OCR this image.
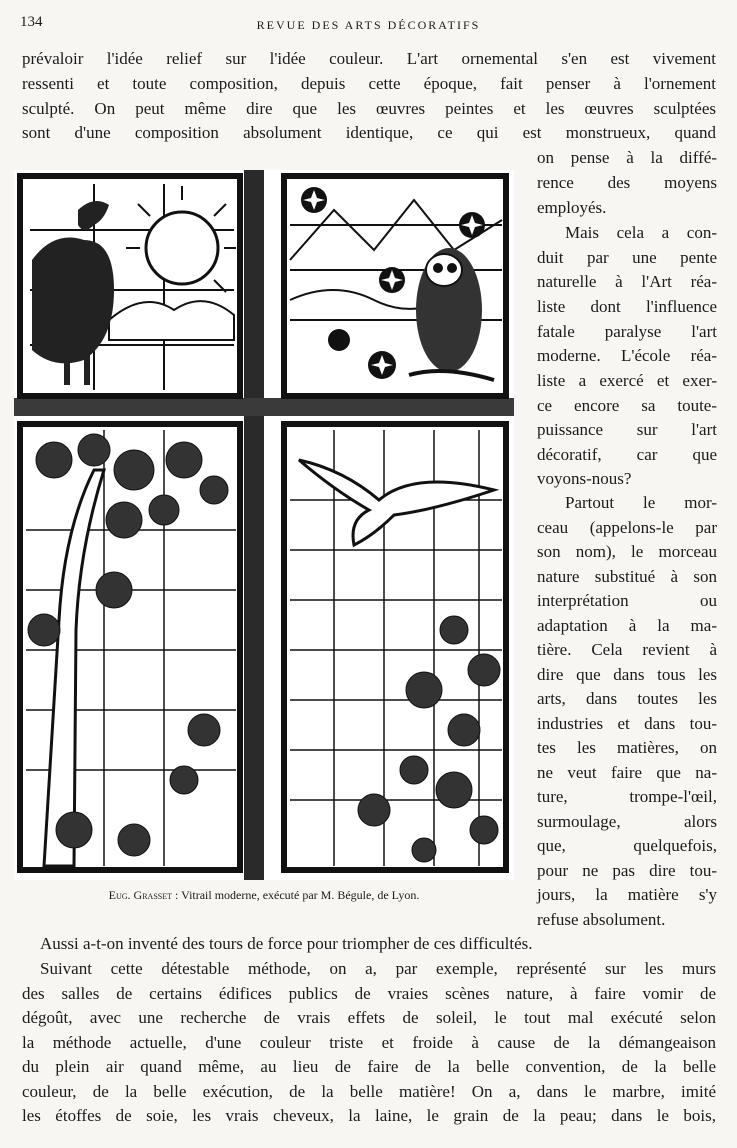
134	REVUE DES ARTS DÉCORATIFS
prévaloir l'idée relief sur l'idée couleur. L'art ornemental s'en est vivement
ressenti et toute composition, depuis cette époque, fait penser à l'ornement
sculpté. On peut même dire que les œuvres peintes et les œuvres sculptées
sont d'une composition absolument identique, ce qui est monstrueux, quand
on pense à la diffé-
rence des moyens
employés.
Mais cela a con-
duit par une pente
naturelle à l'Art réa-
liste dont l'influence
fatale paralyse l'art
moderne. L'école réa-
liste a exercé et exer-
ce encore sa toute-
puissance sur l'art
décoratif, car que
voyons-nous?
Partout le mor-
ceau (appelons-le par
son nom), le morceau
nature substitué à son
interprétation ou
adaptation à la ma-
tière. Cela revient à
dire que dans tous les
arts, dans toutes les
industries et dans tou-
tes les matières, on
ne veut faire que na-
ture, trompe-l'œil,
surmoulage, alors
que, quelquefois,
pour ne pas dire tou-
jours, la matière s'y
refuse absolument.
Eug. Grasset : Vitrail moderne, exécuté par M. Bégule, de Lyon.
Aussi a-t-on inventé des tours de force pour triompher de ces difficultés.
Suivant cette détestable méthode, on a, par exemple, représenté sur les murs
des salles de certains édifices publics de vraies scènes nature, à faire vomir de
dégoût, avec une recherche de vrais effets de soleil, le tout mal exécuté selon
la méthode actuelle, d'une couleur triste et froide à cause de la démangeaison
du plein air quand même, au lieu de faire de la belle convention, de la belle
couleur, de la belle exécution, de la belle matière! On a, dans le marbre, imité
les étoffes de soie, les vrais cheveux, la laine, le grain de la peau; dans le bois,
